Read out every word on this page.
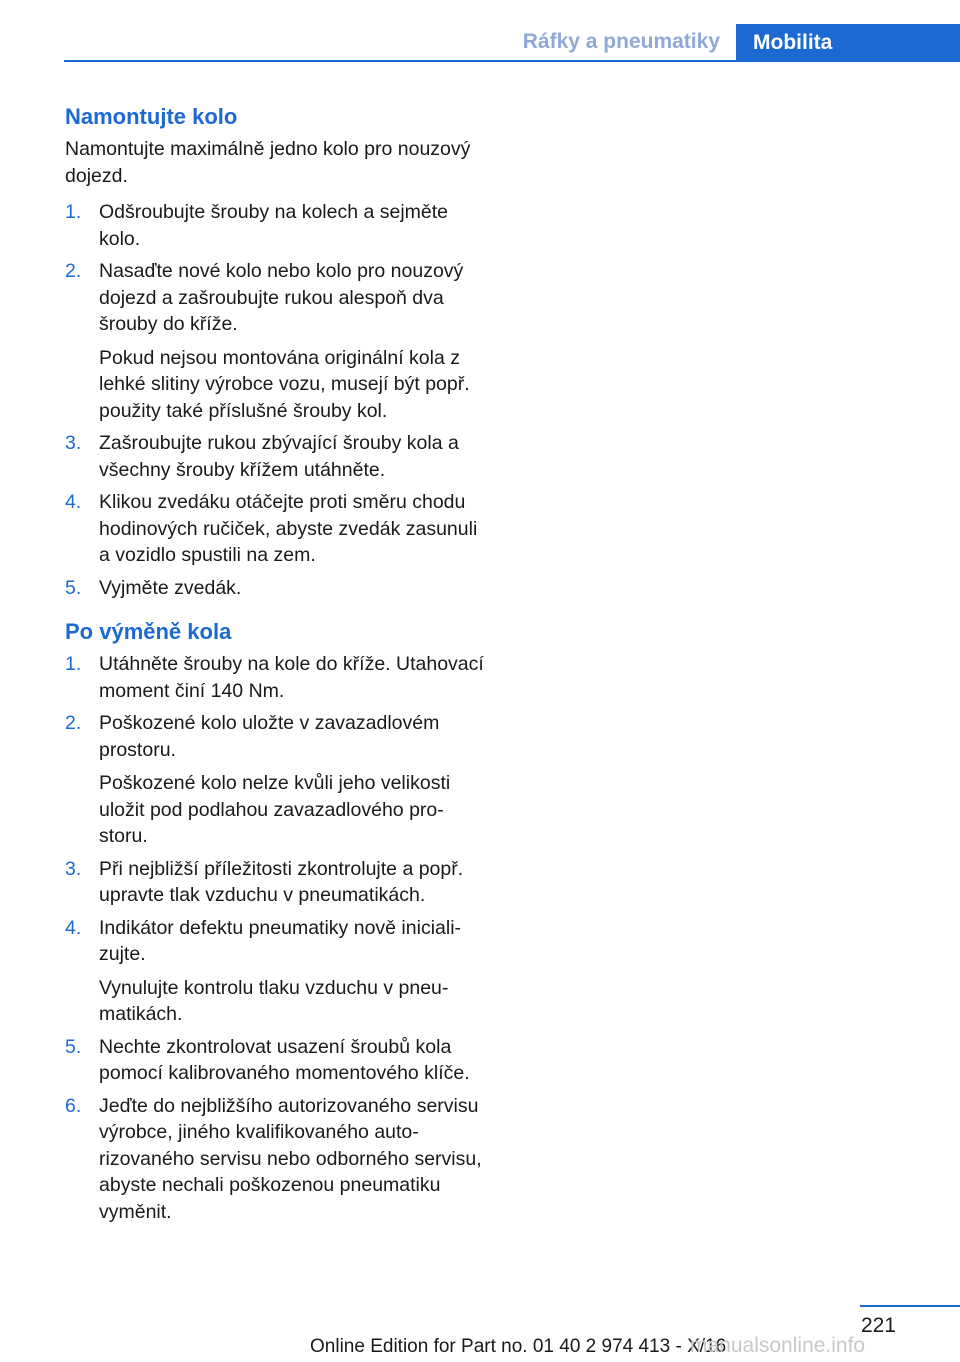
Ráfky a pneumatiky	Mobilita
Namontujte kolo

Namontujte maximálně jedno kolo pro nouzový dojezd.

1. Odšroubujte šrouby na kolech a sejměte kolo.
2. Nasaďte nové kolo nebo kolo pro nouzový dojezd a zašroubujte rukou alespoň dva šrouby do kříže.

Pokud nejsou montována originální kola z lehké slitiny výrobce vozu, musejí být popř. použity také příslušné šrouby kol.

3. Zašroubujte rukou zbývající šrouby kola a všechny šrouby křížem utáhněte.
4. Klikou zvedáku otáčejte proti směru chodu hodinových ručiček, abyste zvedák zasunuli a vozidlo spustili na zem.
5. Vyjměte zvedák.
Po výměně kola
1. Utáhněte šrouby na kole do kříže. Utahovací moment činí 140 Nm.
2. Poškozené kolo uložte v zavazadlovém prostoru.

Poškozené kolo nelze kvůli jeho velikosti uložit pod podlahou zavazadlového prostoru.

3. Při nejbližší příležitosti zkontrolujte a popř. upravte tlak vzduchu v pneumatikách.
4. Indikátor defektu pneumatiky nově inicializujte.

Vynulujte kontrolu tlaku vzduchu v pneumatikách.

5. Nechte zkontrolovat usazení šroubů kola pomocí kalibrovaného momentového klíče.
6. Jeďte do nejbližšího autorizovaného servisu výrobce, jiného kvalifikovaného autorizovaného servisu nebo odborného servisu, abyste nechali poškozenou pneumatiku vyměnit.
221
Online Edition for Part no. 01 40 2 974 413 - X/16
manualsonline.info
